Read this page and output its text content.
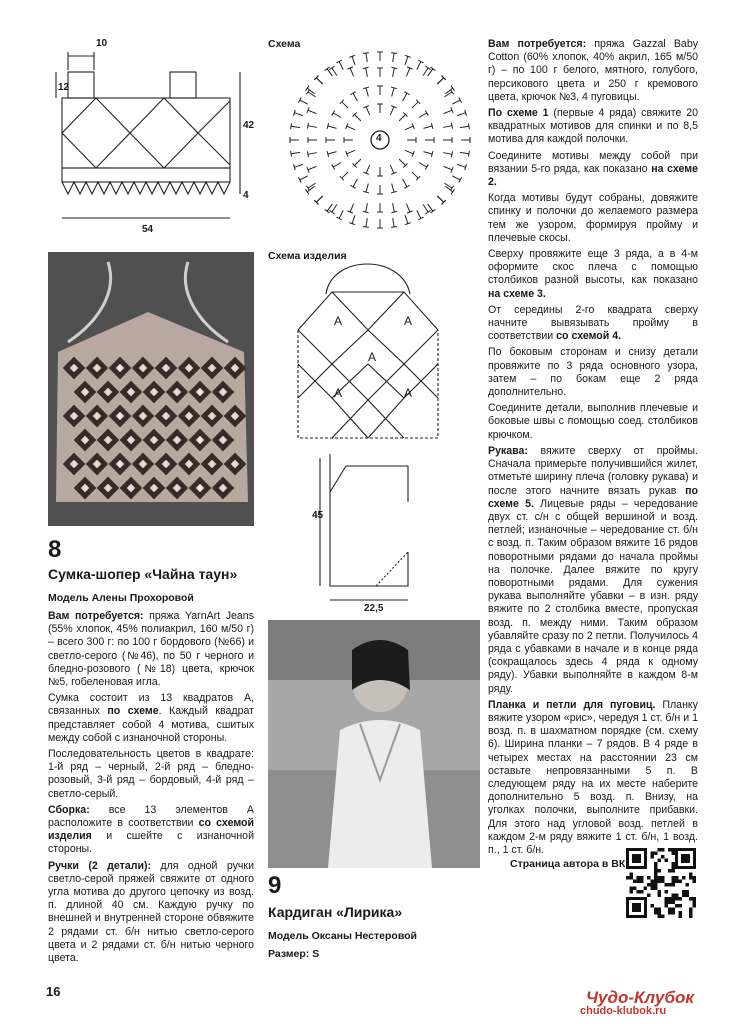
10
12
42
4
54
Схема
4
Схема изделия
A	A
A
A	A
45
22,5
8
Сумка-шопер «Чайна таун»
Модель Алены Прохоровой

Вам потребуется: пряжа YarnArt Jeans (55% хлопок, 45% полиакрил, 160 м/50 г) – всего 300 г: по 100 г бордового (№66) и светло-серого (№46), по 50 г черного и бледно-розового (№18) цвета, крючок №5, гобеленовая игла.

Сумка состоит из 13 квадратов A, связанных по схеме. Каждый квадрат представляет собой 4 мотива, сшитых между собой с изнаночной стороны.

Последовательность цветов в квадрате: 1-й ряд – черный, 2-й ряд – бледно-розовый, 3-й ряд – бордовый, 4-й ряд – светло-серый.

Сборка: все 13 элементов A расположите в соответствии со схемой изделия и сшейте с изнаночной стороны.

Ручки (2 детали): для одной ручки светло-серой пряжей свяжите от одного угла мотива до другого цепочку из возд. п. длиной 40 см. Каждую ручку по внешней и внутренней стороне обвяжите 2 рядами ст. б/н нитью светло-серого цвета и 2 рядами ст. б/н нитью черного цвета.

9
Кардиган «Лирика»
Модель Оксаны Нестеровой
Размер: S

Вам потребуется: пряжа Gazzal Baby Cotton (60% хлопок, 40% акрил, 165 м/50 г) – по 100 г белого, мятного, голубого, персикового цвета и 250 г кремового цвета, крючок №3, 4 пуговицы.

По схеме 1 (первые 4 ряда) свяжите 20 квадратных мотивов для спинки и по 8,5 мотива для каждой полочки.

Соедините мотивы между собой при вязании 5-го ряда, как показано на схеме 2.

Когда мотивы будут собраны, довяжите спинку и полочки до желаемого размера тем же узором, формируя пройму и плечевые скосы.

Сверху провяжите еще 3 ряда, а в 4-м оформите скос плеча с помощью столбиков разной высоты, как показано на схеме 3.

От середины 2-го квадрата сверху начните вывязывать пройму в соответствии со схемой 4.

По боковым сторонам и снизу детали провяжите по 3 ряда основного узора, затем – по бокам еще 2 ряда дополнительно.

Соедините детали, выполнив плечевые и боковые швы с помощью соед. столбиков крючком.

Рукава: вяжите сверху от проймы. Сначала примерьте получившийся жилет, отметьте ширину плеча (головку рукава) и после этого начните вязать рукав по схеме 5. Лицевые ряды – чередование двух ст. с/н с общей вершиной и возд. петлей; изнаночные – чередование ст. б/н с возд. п. Таким образом вяжите 16 рядов поворотными рядами до начала проймы на полочке. Далее вяжите по кругу поворотными рядами. Для сужения рукава выполняйте убавки – в изн. ряду вяжите по 2 столбика вместе, пропуская возд. п. между ними. Таким образом убавляйте сразу по 2 петли. Получилось 4 ряда с убавками в начале и в конце ряда (сокращалось здесь 4 ряда к одному ряду). Убавки выполняйте в каждом 8-м ряду.

Планка и петли для пуговиц. Планку вяжите узором «рис», чередуя 1 ст. б/н и 1 возд. п. в шахматном порядке (см. схему 6). Ширина планки – 7 рядов. В 4 ряде в четырех местах на расстоянии 23 см оставьте непровязанными 5 п. В следующем ряду на их месте наберите дополнительно 5 возд. п. Внизу, на уголках полочки, выполните прибавки. Для этого над угловой возд. петлей в каждом 2-м ряду вяжите 1 ст. б/н, 1 возд. п., 1 ст. б/н.

Страница автора в ВК
16	Чудо-Клубок
chudo-klubok.ru
